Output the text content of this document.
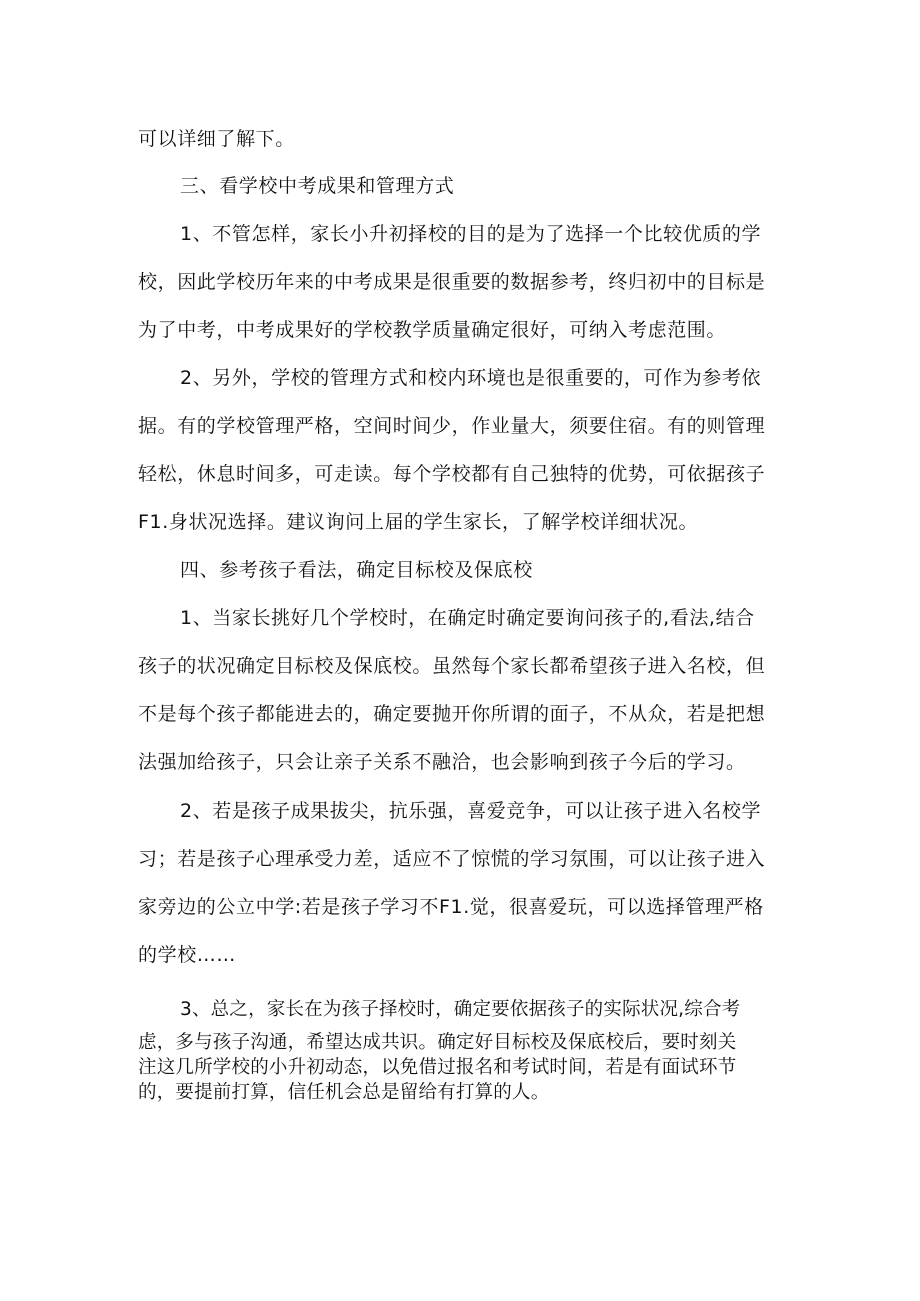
可以详细了解下。
三、看学校中考成果和管理方式
1、不管怎样，家长小升初择校的目的是为了选择一个比较优质的学
校，因此学校历年来的中考成果是很重要的数据参考，终归初中的目标是
为了中考，中考成果好的学校教学质量确定很好，可纳入考虑范围。
2、另外，学校的管理方式和校内环境也是很重要的，可作为参考依
据。有的学校管理严格，空间时间少，作业量大，须要住宿。有的则管理
轻松，休息时间多，可走读。每个学校都有自己独特的优势，可依据孩子
F1.身状况选择。建议询问上届的学生家长，了解学校详细状况。
四、参考孩子看法，确定目标校及保底校
1、当家长挑好几个学校时，在确定时确定要询问孩子的,看法,结合
孩子的状况确定目标校及保底校。虽然每个家长都希望孩子进入名校，但
不是每个孩子都能进去的，确定要抛开你所谓的面子，不从众，若是把想
法强加给孩子，只会让亲子关系不融洽，也会影响到孩子今后的学习。
2、若是孩子成果拔尖，抗乐强，喜爱竞争，可以让孩子进入名校学
习；若是孩子心理承受力差，适应不了惊慌的学习氛围，可以让孩子进入
家旁边的公立中学:若是孩子学习不F1.觉，很喜爱玩，可以选择管理严格
的学校……
3、总之，家长在为孩子择校时，确定要依据孩子的实际状况,综合考
虑，多与孩子沟通，希望达成共识。确定好目标校及保底校后，要时刻关
注这几所学校的小升初动态，以免借过报名和考试时间，若是有面试环节
的，要提前打算，信任机会总是留给有打算的人。
